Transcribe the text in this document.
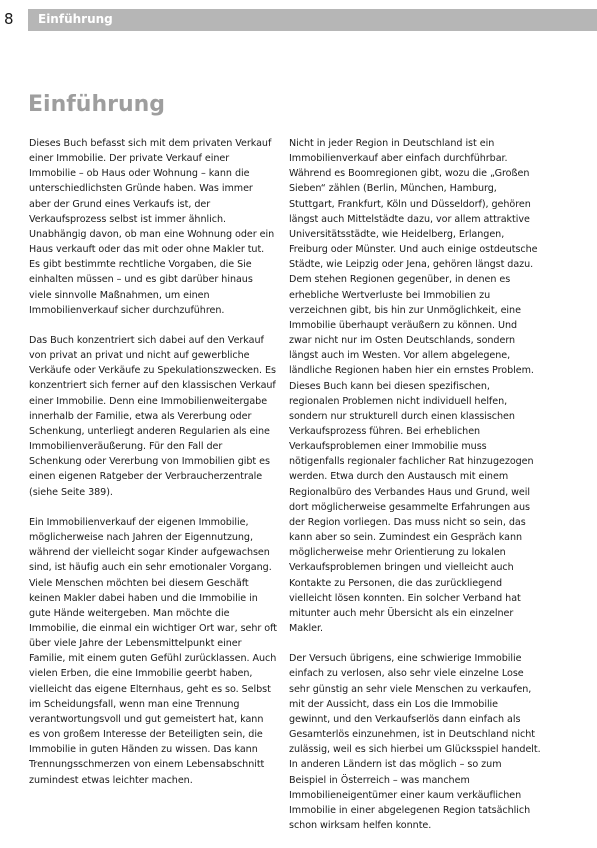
8 Einführung
Einführung

Dieses Buch befasst sich mit dem privaten Verkauf einer Immobilie. Der private Verkauf einer Immobilie – ob Haus oder Wohnung – kann die unterschiedlichsten Gründe haben. Was immer aber der Grund eines Verkaufs ist, der Verkaufsprozess selbst ist immer ähnlich. Unabhängig davon, ob man eine Wohnung oder ein Haus verkauft oder das mit oder ohne Makler tut. Es gibt bestimmte rechtliche Vorgaben, die Sie einhalten müssen – und es gibt darüber hinaus viele sinnvolle Maßnahmen, um einen Immobilienverkauf sicher durchzuführen.

Das Buch konzentriert sich dabei auf den Verkauf von privat an privat und nicht auf gewerbliche Verkäufe oder Verkäufe zu Spekulationszwecken. Es konzentriert sich ferner auf den klassischen Verkauf einer Immobilie. Denn eine Immobilienweitergabe innerhalb der Familie, etwa als Vererbung oder Schenkung, unterliegt anderen Regularien als eine Immobilienveräußerung. Für den Fall der Schenkung oder Vererbung von Immobilien gibt es einen eigenen Ratgeber der Verbraucherzentrale (siehe Seite 389).

Ein Immobilienverkauf der eigenen Immobilie, möglicherweise nach Jahren der Eigennutzung, während der vielleicht sogar Kinder aufgewachsen sind, ist häufig auch ein sehr emotionaler Vorgang. Viele Menschen möchten bei diesem Geschäft keinen Makler dabei haben und die Immobilie in gute Hände weitergeben. Man möchte die Immobilie, die einmal ein wichtiger Ort war, sehr oft über viele Jahre der Lebensmittelpunkt einer Familie, mit einem guten Gefühl zurücklassen. Auch vielen Erben, die eine Immobilie geerbt haben, vielleicht das eigene Elternhaus, geht es so. Selbst im Scheidungsfall, wenn man eine Trennung verantwortungsvoll und gut gemeistert hat, kann es von großem Interesse der Beteiligten sein, die Immobilie in guten Händen zu wissen. Das kann Trennungsschmerzen von einem Lebensabschnitt zumindest etwas leichter machen.

Nicht in jeder Region in Deutschland ist ein Immobilienverkauf aber einfach durchführbar. Während es Boomregionen gibt, wozu die „Großen Sieben“ zählen (Berlin, München, Hamburg, Stuttgart, Frankfurt, Köln und Düsseldorf), gehören längst auch Mittelstädte dazu, vor allem attraktive Universitätsstädte, wie Heidelberg, Erlangen, Freiburg oder Münster. Und auch einige ostdeutsche Städte, wie Leipzig oder Jena, gehören längst dazu. Dem stehen Regionen gegenüber, in denen es erhebliche Wertverluste bei Immobilien zu verzeichnen gibt, bis hin zur Unmöglichkeit, eine Immobilie überhaupt veräußern zu können. Und zwar nicht nur im Osten Deutschlands, sondern längst auch im Westen. Vor allem abgelegene, ländliche Regionen haben hier ein ernstes Problem. Dieses Buch kann bei diesen spezifischen, regionalen Problemen nicht individuell helfen, sondern nur strukturell durch einen klassischen Verkaufsprozess führen. Bei erheblichen Verkaufsproblemen einer Immobilie muss nötigenfalls regionaler fachlicher Rat hinzugezogen werden. Etwa durch den Austausch mit einem Regionalbüro des Verbandes Haus und Grund, weil dort möglicherweise gesammelte Erfahrungen aus der Region vorliegen. Das muss nicht so sein, das kann aber so sein. Zumindest ein Gespräch kann möglicherweise mehr Orientierung zu lokalen Verkaufsproblemen bringen und vielleicht auch Kontakte zu Personen, die das zurückliegend vielleicht lösen konnten. Ein solcher Verband hat mitunter auch mehr Übersicht als ein einzelner Makler.

Der Versuch übrigens, eine schwierige Immobilie einfach zu verlosen, also sehr viele einzelne Lose sehr günstig an sehr viele Menschen zu verkaufen, mit der Aussicht, dass ein Los die Immobilie gewinnt, und den Verkaufserlös dann einfach als Gesamterlös einzunehmen, ist in Deutschland nicht zulässig, weil es sich hierbei um Glücksspiel handelt. In anderen Ländern ist das möglich – so zum Beispiel in Österreich – was manchem Immobilieneigentümer einer kaum verkäuflichen Immobilie in einer abgelegenen Region tatsächlich schon wirksam helfen konnte.
